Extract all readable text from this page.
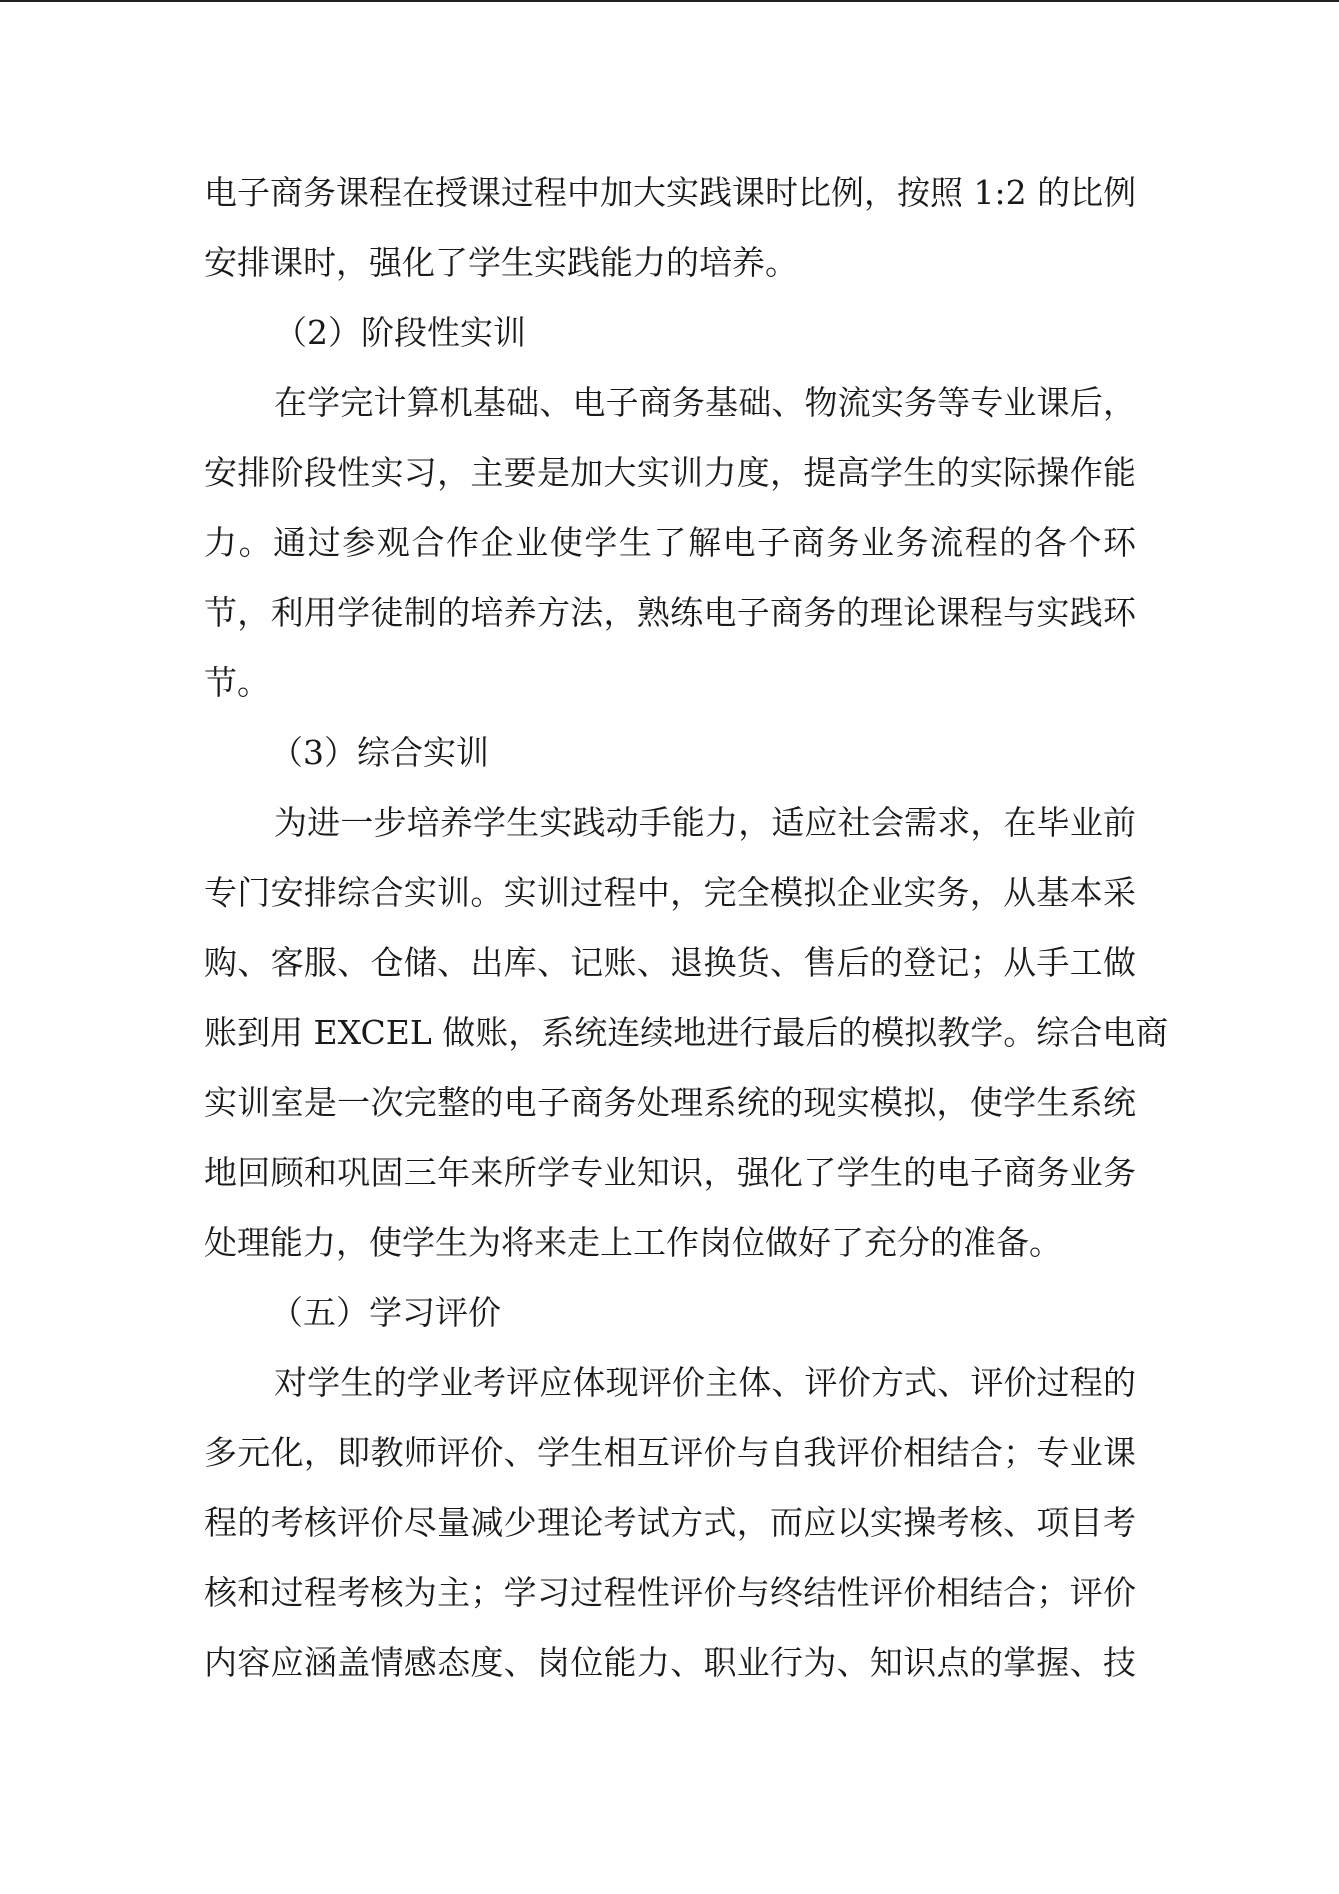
电子商务课程在授课过程中加大实践课时比例，按照 1:2 的比例
安排课时，强化了学生实践能力的培养。
（2）阶段性实训
在学完计算机基础、电子商务基础、物流实务等专业课后，
安排阶段性实习，主要是加大实训力度，提高学生的实际操作能
力。通过参观合作企业使学生了解电子商务业务流程的各个环
节，利用学徒制的培养方法，熟练电子商务的理论课程与实践环
节。
（3）综合实训
为进一步培养学生实践动手能力，适应社会需求，在毕业前
专门安排综合实训。实训过程中，完全模拟企业实务，从基本采
购、客服、仓储、出库、记账、退换货、售后的登记；从手工做
账到用 EXCEL 做账，系统连续地进行最后的模拟教学。综合电商
实训室是一次完整的电子商务处理系统的现实模拟，使学生系统
地回顾和巩固三年来所学专业知识，强化了学生的电子商务业务
处理能力，使学生为将来走上工作岗位做好了充分的准备。
（五）学习评价
对学生的学业考评应体现评价主体、评价方式、评价过程的
多元化，即教师评价、学生相互评价与自我评价相结合；专业课
程的考核评价尽量减少理论考试方式，而应以实操考核、项目考
核和过程考核为主；学习过程性评价与终结性评价相结合；评价
内容应涵盖情感态度、岗位能力、职业行为、知识点的掌握、技
